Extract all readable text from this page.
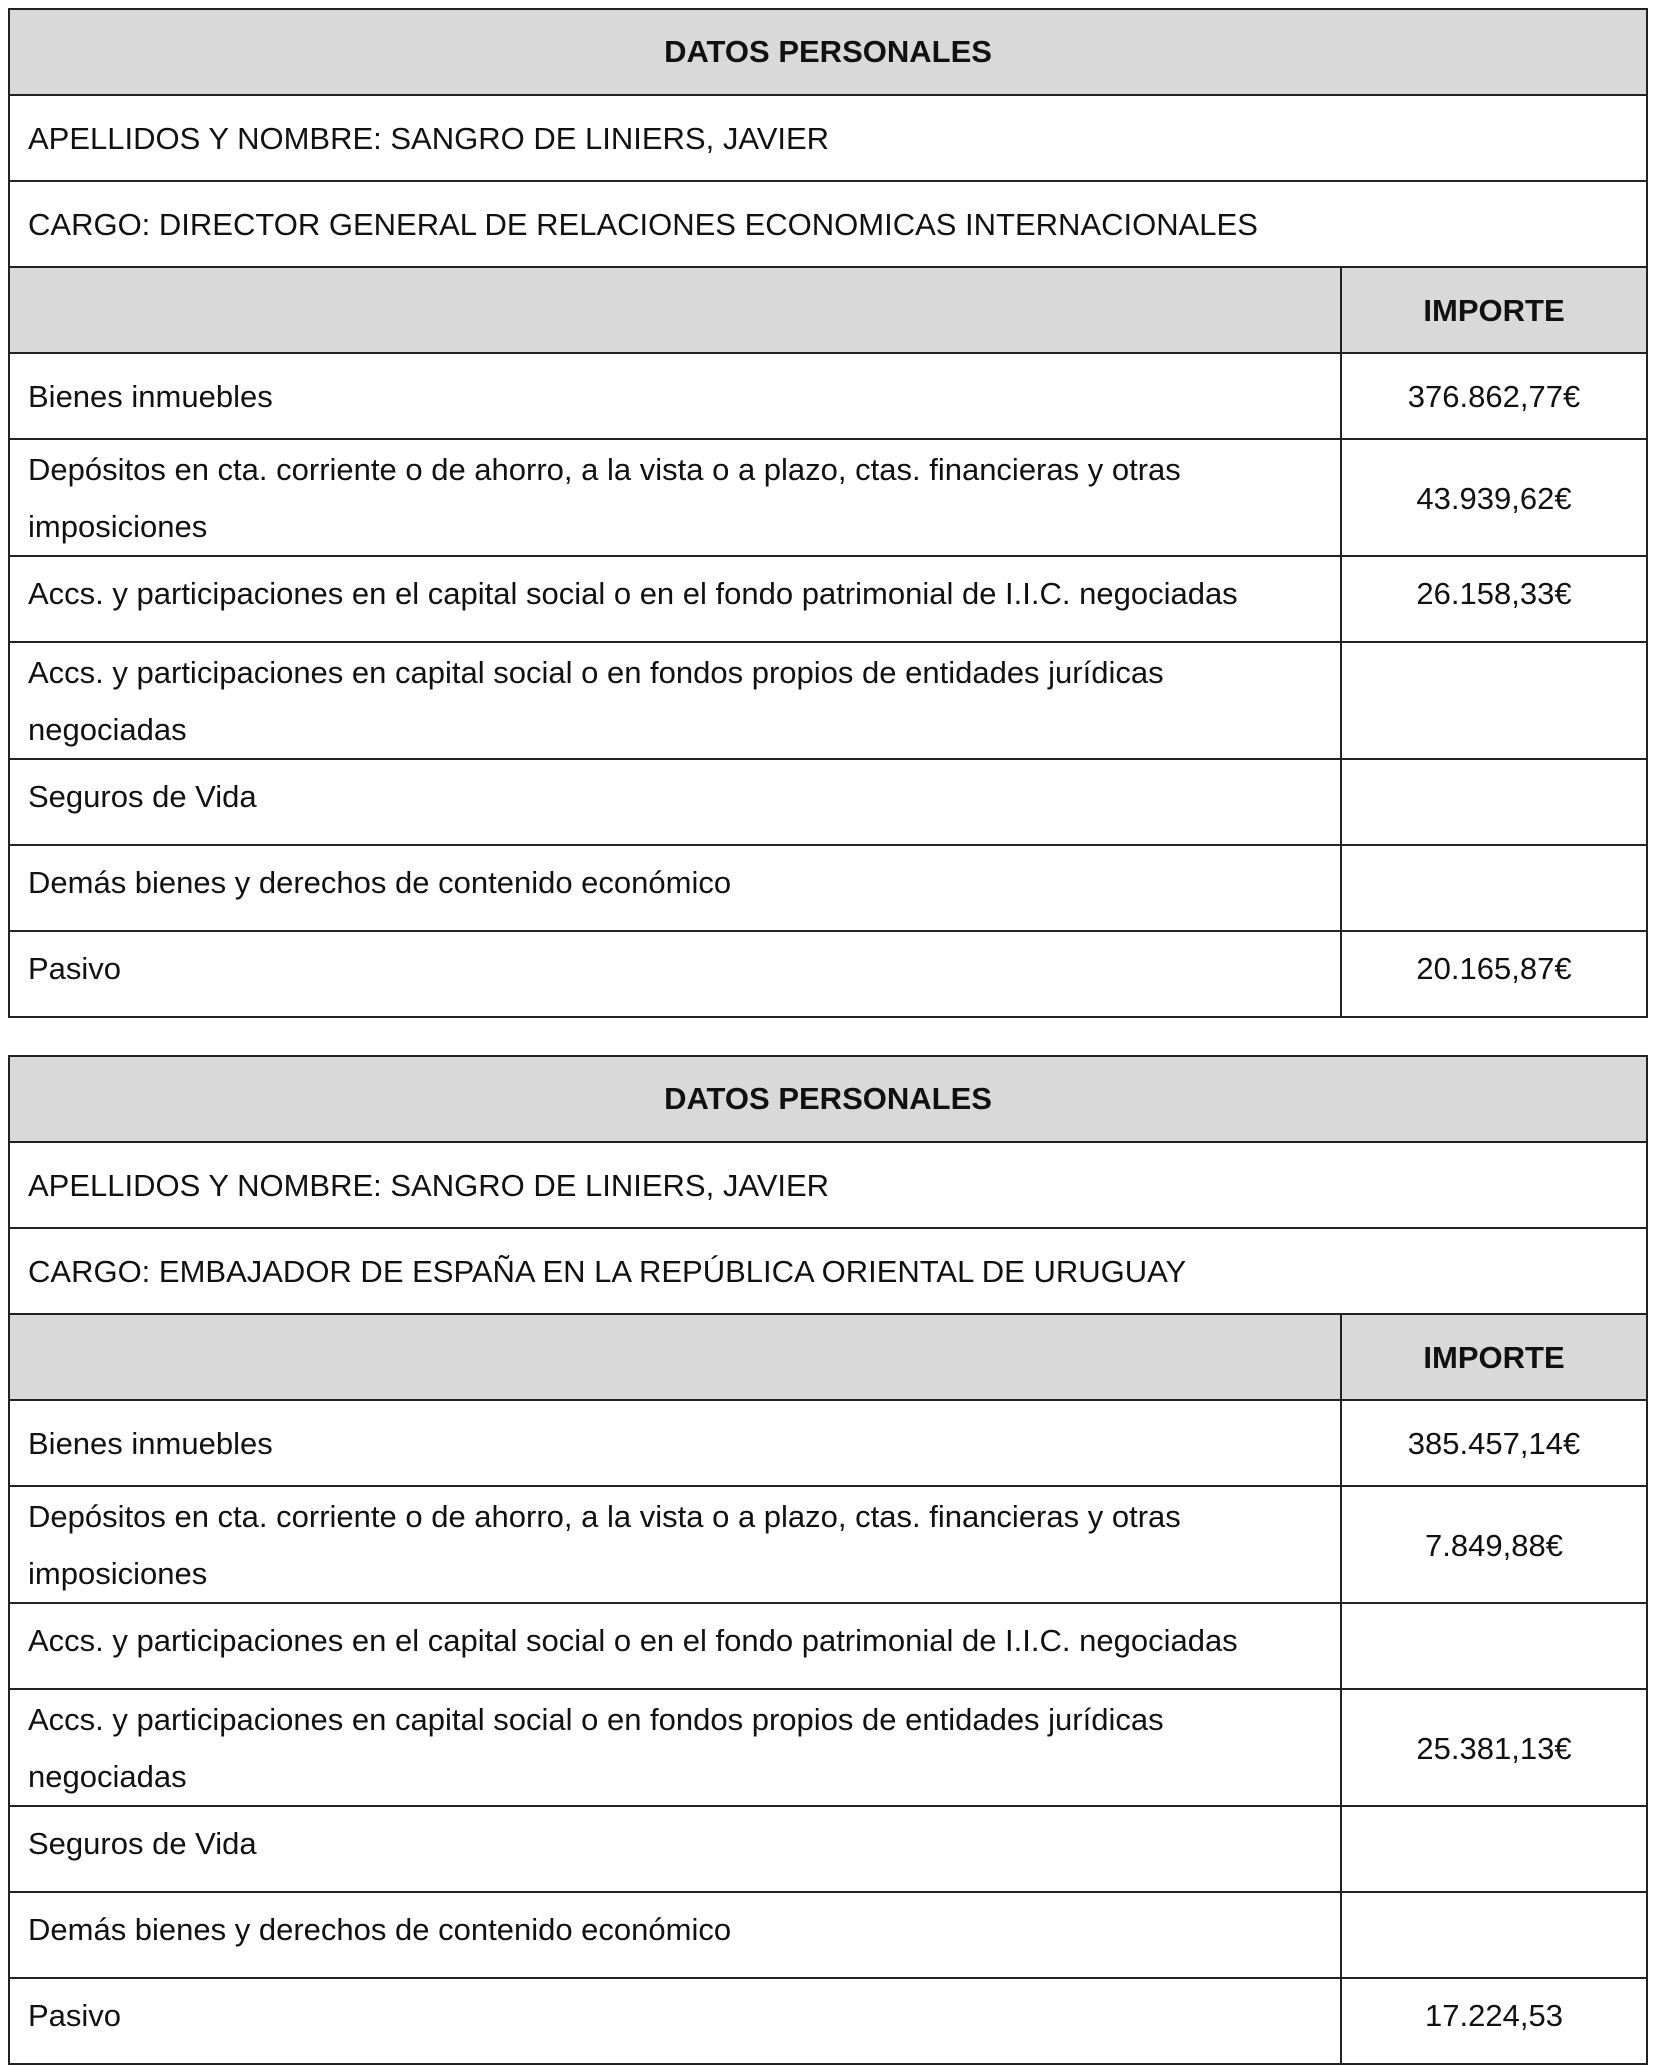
DATOS PERSONALES	
APELLIDOS Y NOMBRE: SANGRO DE LINIERS, JAVIER	
CARGO: DIRECTOR GENERAL DE RELACIONES ECONOMICAS INTERNACIONALES	
	IMPORTE
Bienes inmuebles	376.862,77€
Depósitos en cta. corriente o de ahorro, a la vista o a plazo, ctas. financieras y otras imposiciones	43.939,62€
Accs. y participaciones en el capital social o en el fondo patrimonial de I.I.C. negociadas	26.158,33€
Accs. y participaciones en capital social o en fondos propios de entidades jurídicas negociadas	
Seguros de Vida	
Demás bienes y derechos de contenido económico	
Pasivo	20.165,87€
DATOS PERSONALES	
APELLIDOS Y NOMBRE: SANGRO DE LINIERS, JAVIER	
CARGO: EMBAJADOR DE ESPAÑA EN LA REPÚBLICA ORIENTAL DE URUGUAY	
	IMPORTE
Bienes inmuebles	385.457,14€
Depósitos en cta. corriente o de ahorro, a la vista o a plazo, ctas. financieras y otras imposiciones	7.849,88€
Accs. y participaciones en el capital social o en el fondo patrimonial de I.I.C. negociadas	
Accs. y participaciones en capital social o en fondos propios de entidades jurídicas negociadas	25.381,13€
Seguros de Vida	
Demás bienes y derechos de contenido económico	
Pasivo	17.224,53
